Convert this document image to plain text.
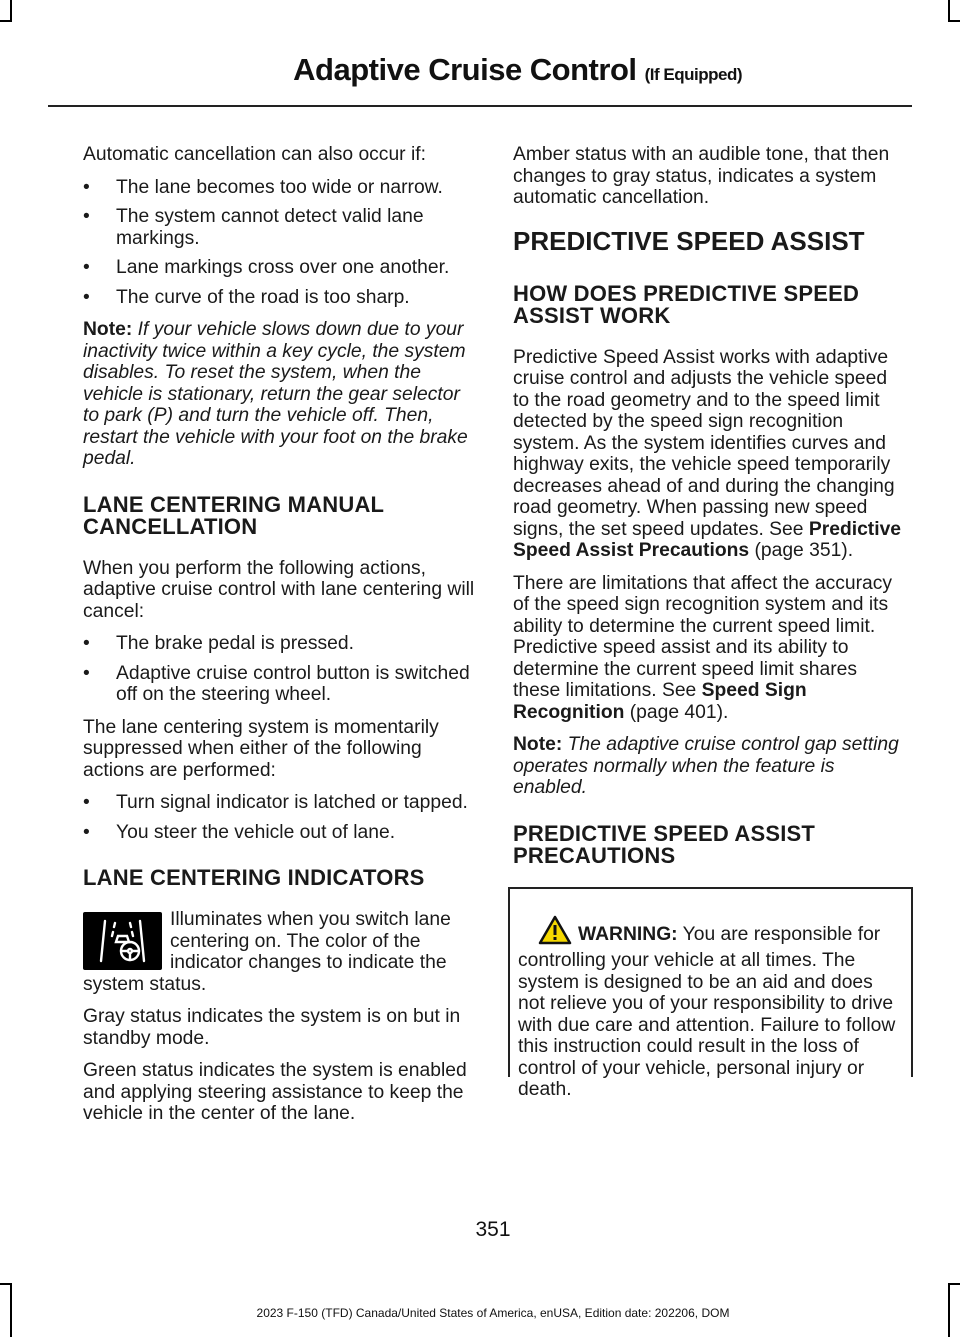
Adaptive Cruise Control (If Equipped)

Automatic cancellation can also occur if:

• The lane becomes too wide or narrow.
• The system cannot detect valid lane markings.
• Lane markings cross over one another.
• The curve of the road is too sharp.

Note: If your vehicle slows down due to your inactivity twice within a key cycle, the system disables. To reset the system, when the vehicle is stationary, return the gear selector to park (P) and turn the vehicle off. Then, restart the vehicle with your foot on the brake pedal.

LANE CENTERING MANUAL CANCELLATION

When you perform the following actions, adaptive cruise control with lane centering will cancel:

• The brake pedal is pressed.
• Adaptive cruise control button is switched off on the steering wheel.

The lane centering system is momentarily suppressed when either of the following actions are performed:

• Turn signal indicator is latched or tapped.
• You steer the vehicle out of lane.
LANE CENTERING INDICATORS
Illuminates when you switch lane centering on. The color of the indicator changes to indicate the system status.

Gray status indicates the system is on but in standby mode.

Green status indicates the system is enabled and applying steering assistance to keep the vehicle in the center of the lane.

Amber status with an audible tone, that then changes to gray status, indicates a system automatic cancellation.

PREDICTIVE SPEED ASSIST
HOW DOES PREDICTIVE SPEED ASSIST WORK

Predictive Speed Assist works with adaptive cruise control and adjusts the vehicle speed to the road geometry and to the speed limit detected by the speed sign recognition system. As the system identifies curves and highway exits, the vehicle speed temporarily decreases ahead of and during the changing road geometry. When passing new speed signs, the set speed updates. See Predictive Speed Assist Precautions (page 351).

There are limitations that affect the accuracy of the speed sign recognition system and its ability to determine the current speed limit. Predictive speed assist and its ability to determine the current speed limit shares these limitations. See Speed Sign Recognition (page 401).

Note: The adaptive cruise control gap setting operates normally when the feature is enabled.

PREDICTIVE SPEED ASSIST PRECAUTIONS
WARNING: You are responsible for controlling your vehicle at all times. The system is designed to be an aid and does not relieve you of your responsibility to drive with due care and attention. Failure to follow this instruction could result in the loss of control of your vehicle, personal injury or death.
351
2023 F-150 (TFD) Canada/United States of America, enUSA, Edition date: 202206, DOM
